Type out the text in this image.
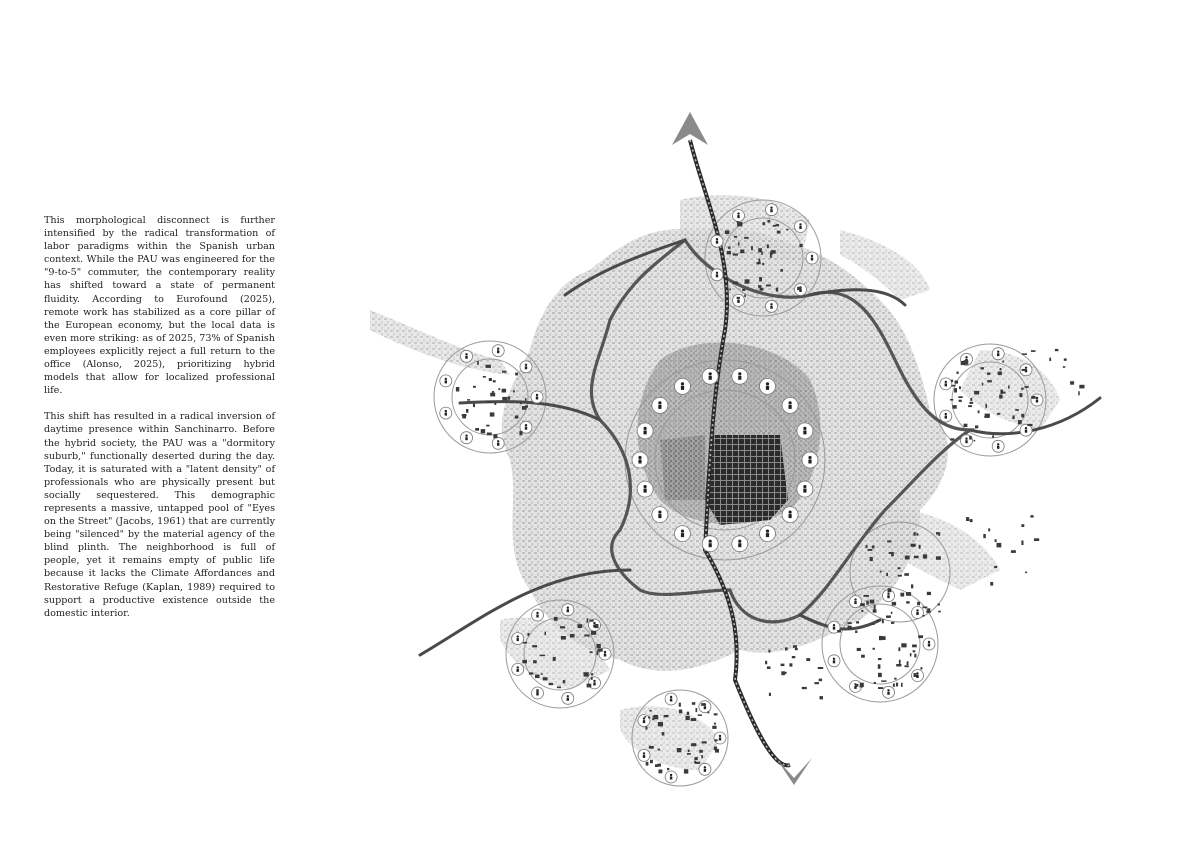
This morphological disconnect is further intensified by the radical transformation of labor paradigms within the Spanish urban context. While the PAU was engineered for the "9-to-5" commuter, the contemporary reality has shifted toward a state of permanent fluidity. According to Eurofound (2025), remote work has stabilized as a core pillar of the European economy, but the local data is even more striking: as of 2025, 73% of Spanish employees explicitly reject a full return to the office (Alonso, 2025), prioritizing hybrid models that allow for localized professional life.

This shift has resulted in a radical inversion of daytime presence within Sanchinarro. Before the hybrid society, the PAU was a "dormitory suburb," functionally deserted during the day. Today, it is saturated with a "latent density" of professionals who are physically present but socially sequestered. This demographic represents a massive, untapped pool of "Eyes on the Street" (Jacobs, 1961) that are currently being "silenced" by the material agency of the blind plinth. The neighborhood is full of people, yet it remains empty of public life because it lacks the Climate Affordances and Restorative Refuge (Kaplan, 1989) required to support a productive existence outside the domestic interior.
